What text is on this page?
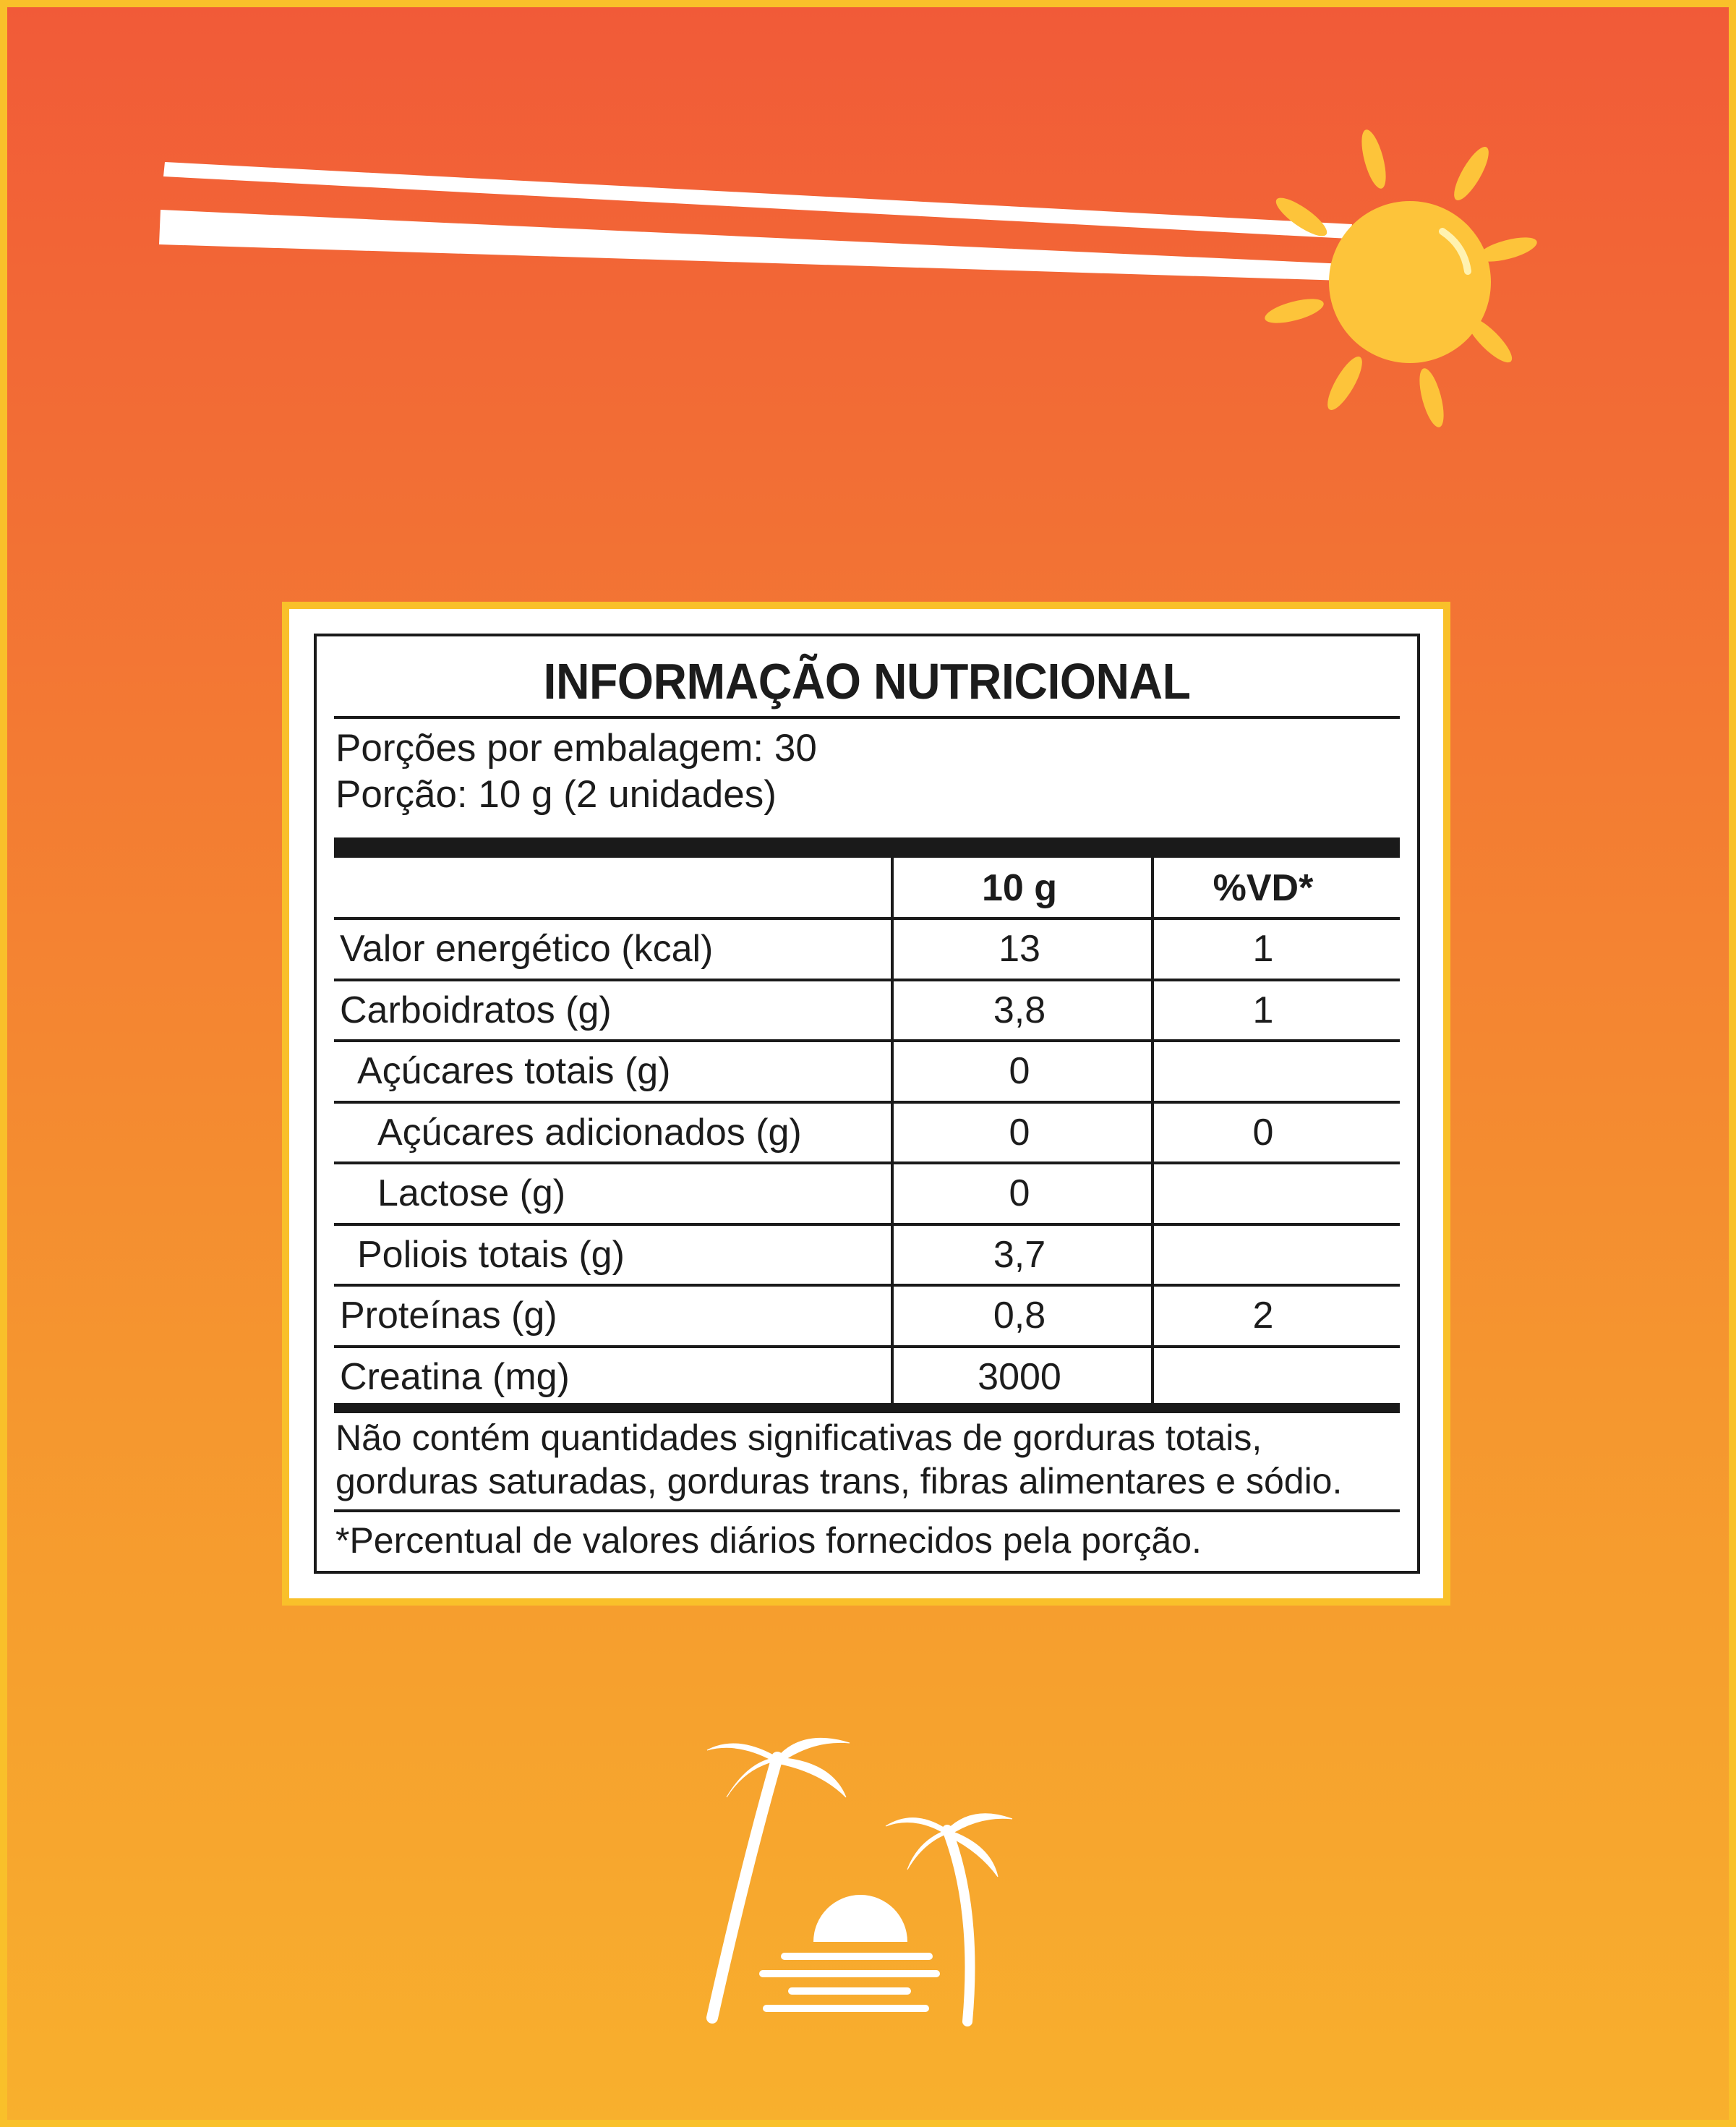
INFORMAÇÃO NUTRICIONAL
Porções por embalagem: 30
Porção: 10 g (2 unidades)
10 g	%VD*
Não contém quantidades significativas de gorduras totais, gorduras saturadas, gorduras trans, fibras alimentares e sódio.
*Percentual de valores diários fornecidos pela porção.
Valor energético (kcal)	13	1
Carboidratos (g)	3,8	1
Açúcares totais (g)	0
Açúcares adicionados (g)	0	0
Lactose (g)	0
Poliois totais (g)	3,7
Proteínas (g)	0,8	2
Creatina (mg)	3000
